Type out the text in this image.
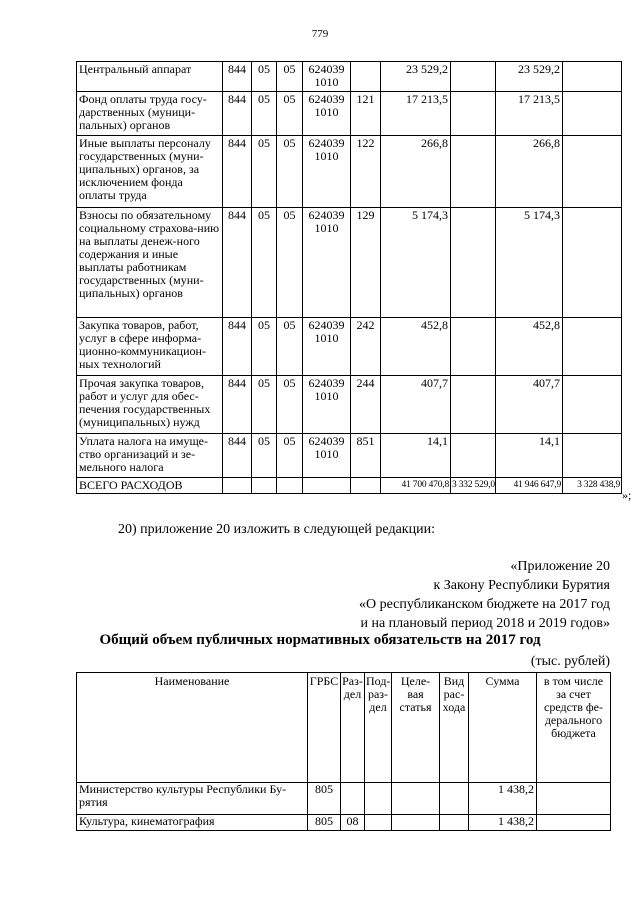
779
Центральный аппарат	844	05	05	624039 1010		23 529,2		23 529,2	
Фонд оплаты труда госу-дарственных (муници-пальных) органов	844	05	05	624039 1010	121	17 213,5		17 213,5	
Иные выплаты персоналу государственных (муни-ципальных) органов, за исключением фонда оплаты труда	844	05	05	624039 1010	122	266,8		266,8	
Взносы по обязательному социальному страхова-нию на выплаты денеж-ного содержания и иные выплаты работникам государственных (муни-ципальных) органов	844	05	05	624039 1010	129	5 174,3		5 174,3	
Закупка товаров, работ, услуг в сфере информа-ционно-коммуникацион-ных технологий	844	05	05	624039 1010	242	452,8		452,8	
Прочая закупка товаров, работ и услуг для обес-печения государственных (муниципальных) нужд	844	05	05	624039 1010	244	407,7		407,7	
Уплата налога на имуще-ство организаций и зе-мельного налога	844	05	05	624039 1010	851	14,1		14,1	
ВСЕГО РАСХОДОВ						41 700 470,8	3 332 529,0	41 946 647,9	3 328 438,9
»;
20) приложение 20 изложить в следующей редакции:
«Приложение 20
к Закону Республики Бурятия
«О республиканском бюджете на 2017 год
и на плановый период 2018 и 2019 годов»
Общий объем публичных нормативных обязательств на 2017 год
(тыс. рублей)
Наименование	ГРБС	Раз-дел	Под-раз-дел	Целе-вая статья	Вид рас-хода	Сумма	в том числе за счет средств фе-дерального бюджета
Министерство культуры Республики Бу-рятия	805					1 438,2	
Культура, кинематография	805	08				1 438,2	
